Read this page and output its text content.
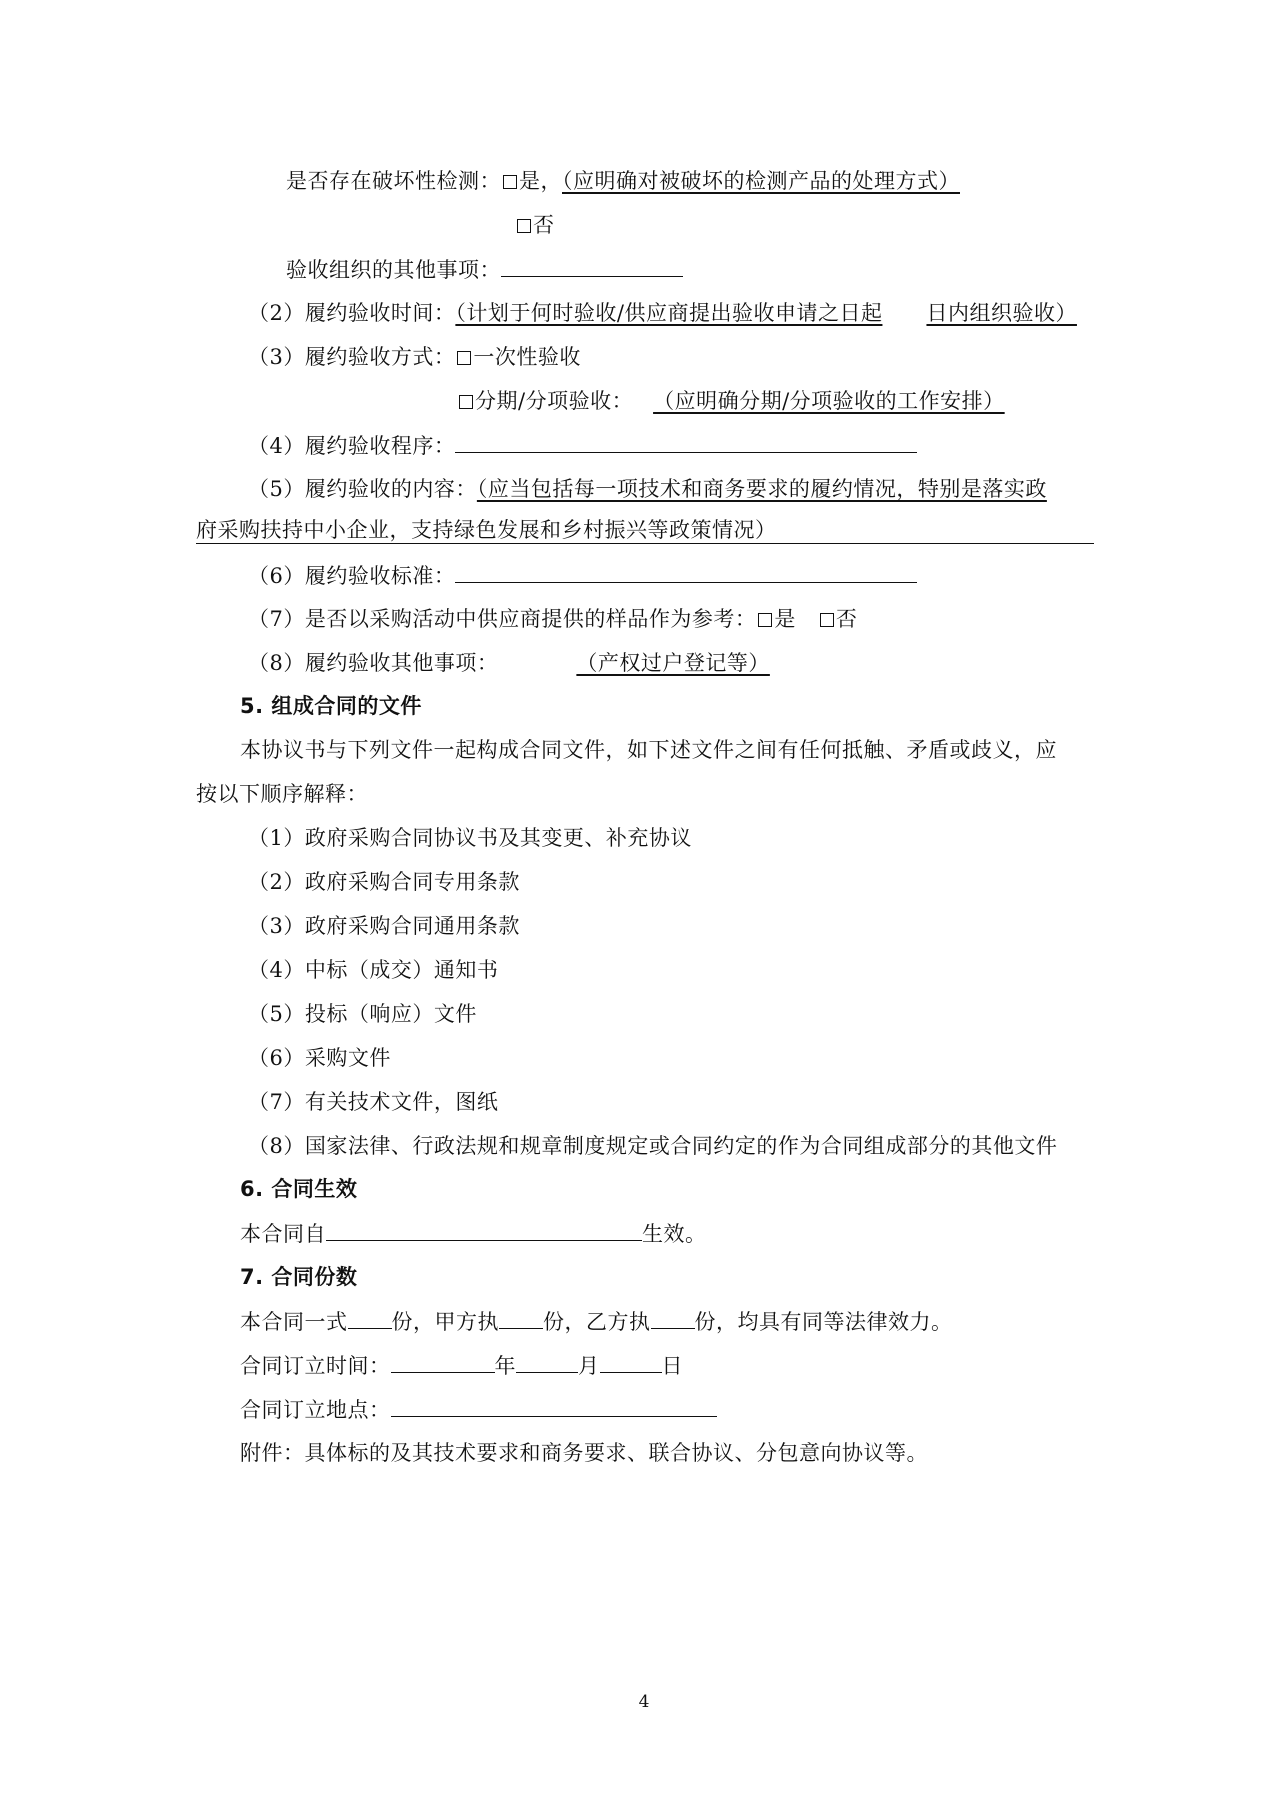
是否存在破坏性检测： 是，（应明确对被破坏的检测产品的处理方式）
否
验收组织的其他事项：
（2）履约验收时间：（计划于何时验收/供应商提出验收申请之日起 日内组织验收）
（3）履约验收方式： 一次性验收
分期/分项验收： （应明确分期/分项验收的工作安排）
（4）履约验收程序：
（5）履约验收的内容：（应当包括每一项技术和商务要求的履约情况，特别是落实政
府采购扶持中小企业，支持绿色发展和乡村振兴等政策情况）
（6）履约验收标准：
（7）是否以采购活动中供应商提供的样品作为参考： 是 否
（8）履约验收其他事项：	（产权过户登记等）
5. 组成合同的文件
本协议书与下列文件一起构成合同文件，如下述文件之间有任何抵触、矛盾或歧义，应
按以下顺序解释：
（1）政府采购合同协议书及其变更、补充协议
（2）政府采购合同专用条款
（3）政府采购合同通用条款
（4）中标（成交）通知书
（5）投标（响应）文件
（6）采购文件
（7）有关技术文件，图纸
（8）国家法律、行政法规和规章制度规定或合同约定的作为合同组成部分的其他文件
6. 合同生效
本合同自	生效。
7. 合同份数
本合同一式 份，甲方执 份，乙方执 份，均具有同等法律效力。
合同订立时间：	年	月	日
合同订立地点：
附件：具体标的及其技术要求和商务要求、联合协议、分包意向协议等。
4
